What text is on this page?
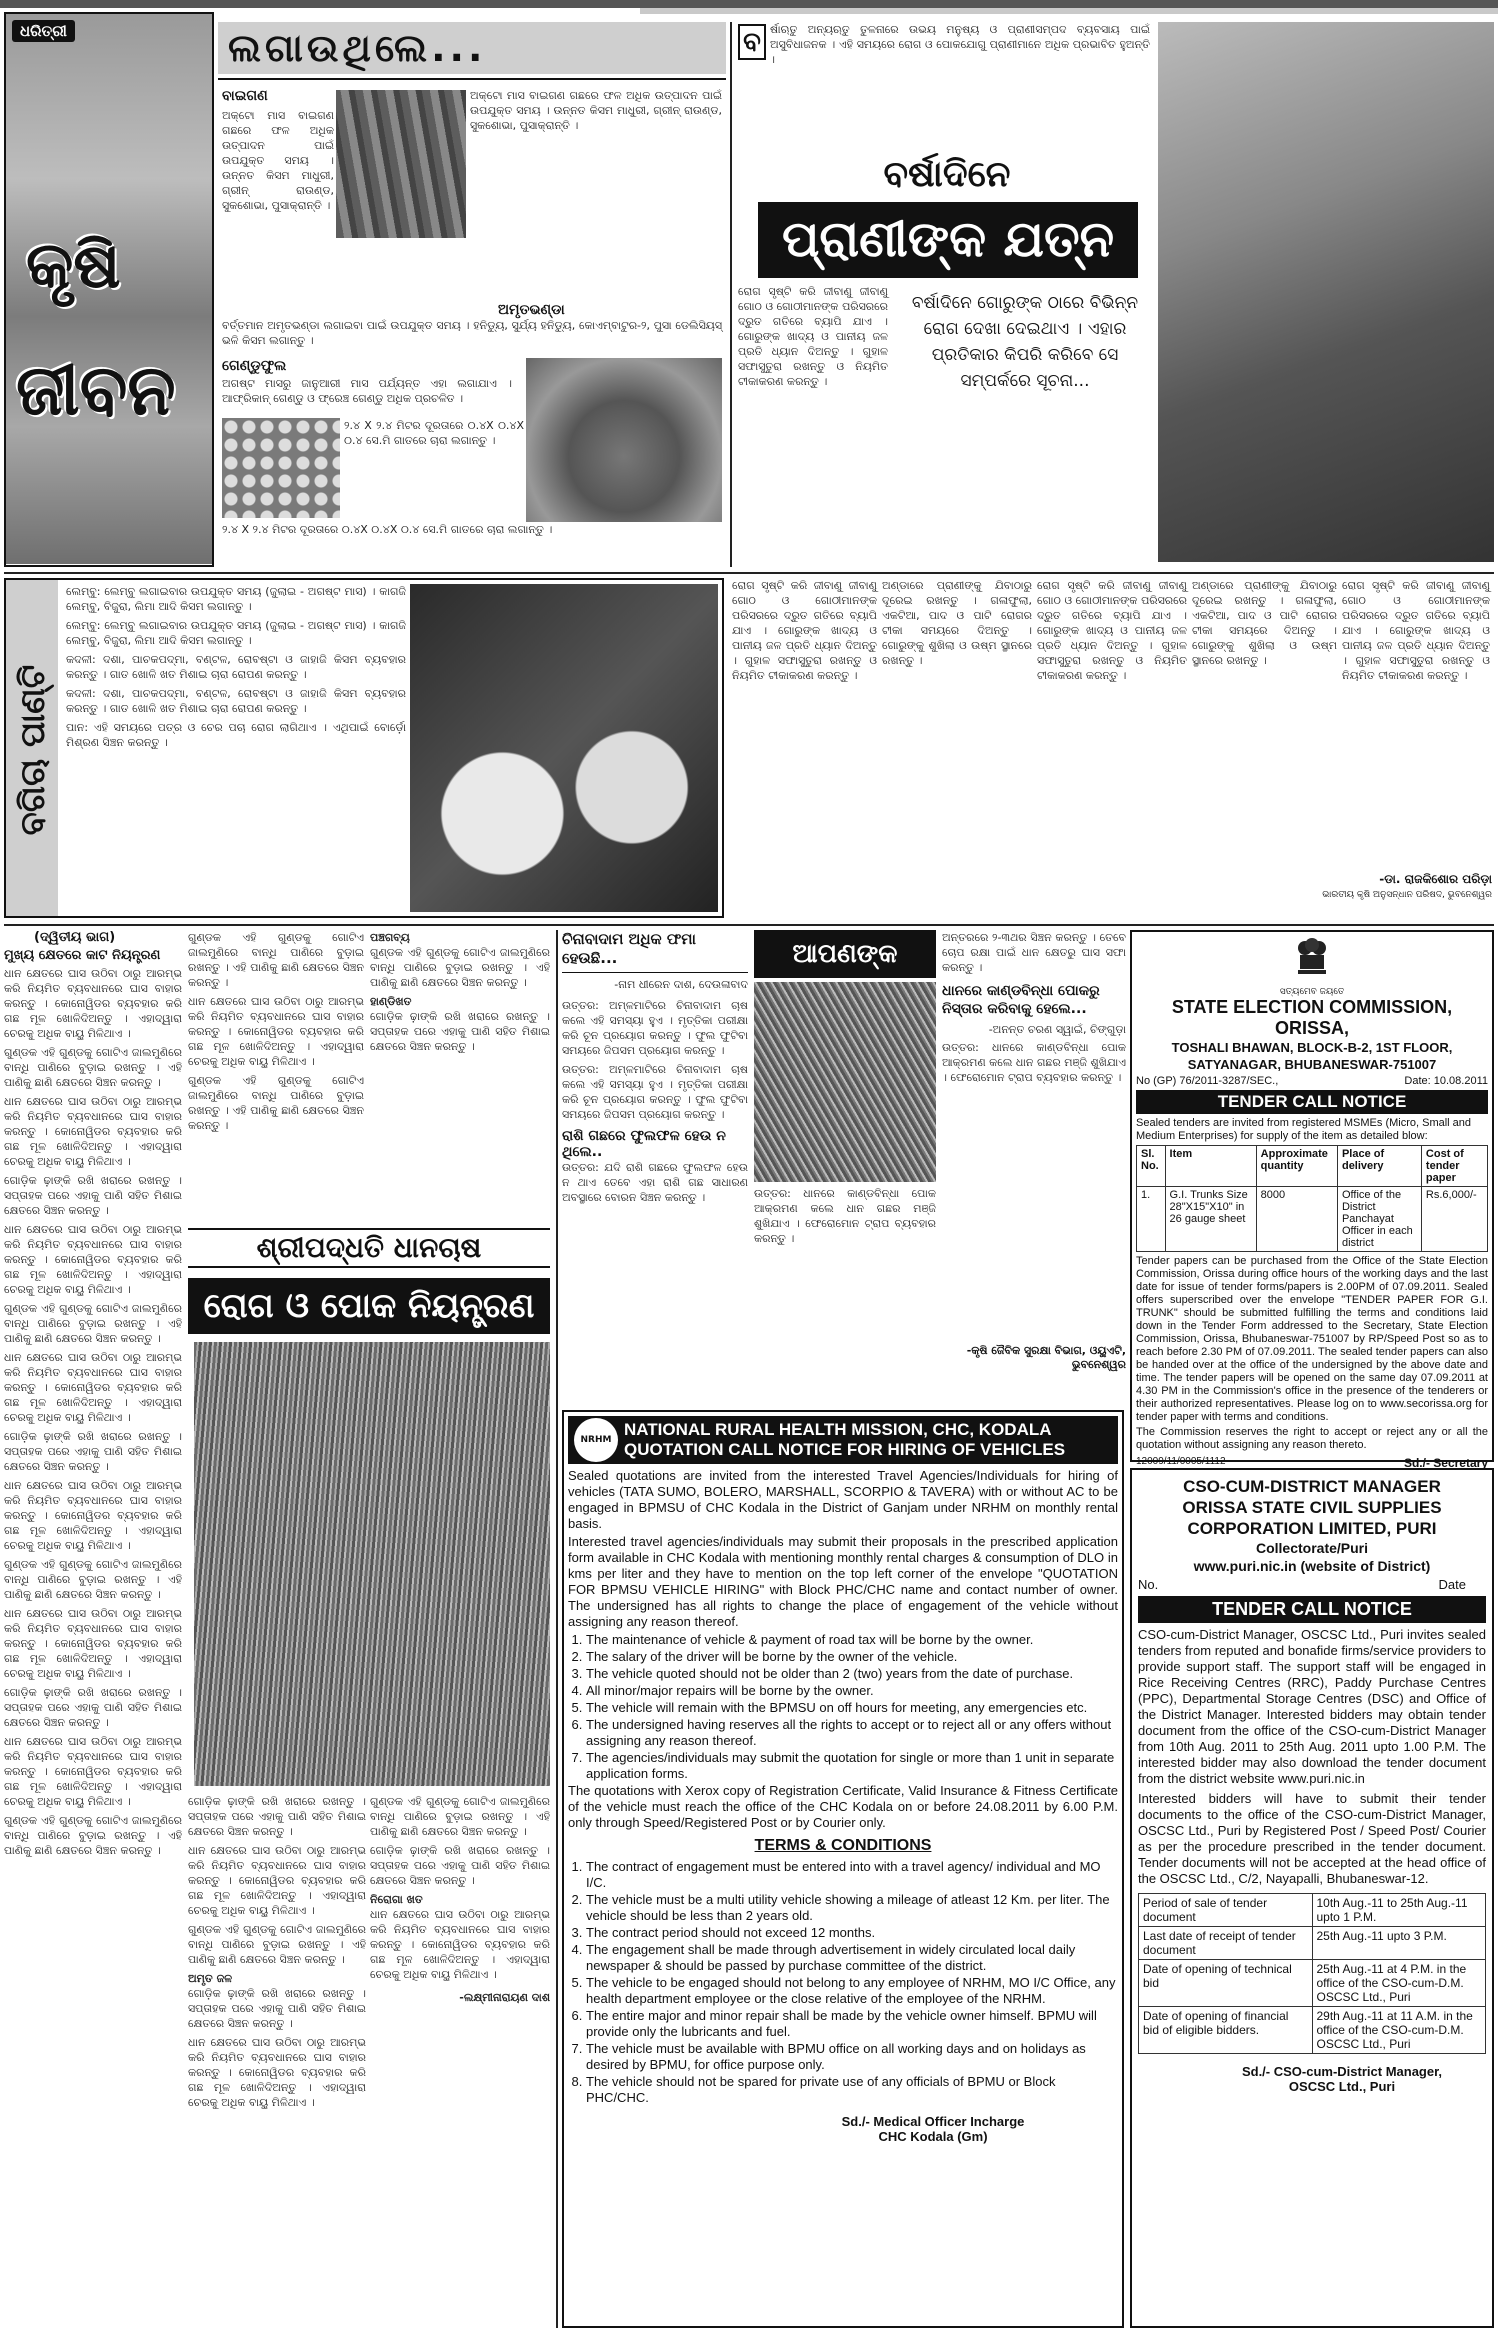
ଧରିତ୍ରୀ
କୃଷି
ଜୀବନ
ଲଗାଉଥିଲେ...
ବାଇଗଣ
ଅକ୍ଟୋ ମାସ ବାଇଗଣ ଗଛରେ ଫଳ ଅଧିକ ଉତ୍ପାଦନ ପାଇଁ ଉପଯୁକ୍ତ ସମୟ । ଉନ୍ନତ କିସମ ମାଧୁରୀ, ଗ୍ରୀନ୍ ରାଉଣ୍ଡ, ସୁକଶୋଭା, ପୁସାକ୍ରାନ୍ତି ।
ଅକ୍ଟୋ ମାସ ବାଇଗଣ ଗଛରେ ଫଳ ଅଧିକ ଉତ୍ପାଦନ ପାଇଁ ଉପଯୁକ୍ତ ସମୟ । ଉନ୍ନତ କିସମ ମାଧୁରୀ, ଗ୍ରୀନ୍ ରାଉଣ୍ଡ, ସୁକଶୋଭା, ପୁସାକ୍ରାନ୍ତି ।
ଅମୃତଭଣ୍ଡା
ବର୍ତ୍ତମାନ ଅମୃତଭଣ୍ଡା ଲଗାଇବା ପାଇଁ ଉପଯୁକ୍ତ ସମୟ । ହନିଡ୍ୟୁ, ସୁର୍ଯ୍ୟ ହନିଡ୍ୟୁ, କୋଏମ୍ବାଟୁର-୨, ପୁସା ଡେଲିସିୟସ୍ ଭଳି କିସମ ଲଗାନ୍ତୁ ।
ଗେଣ୍ଡୁଫୁଲ
ଅଗଷ୍ଟ ମାସରୁ ଜାନୁଆରୀ ମାସ ପର୍ଯ୍ୟନ୍ତ ଏହା ଲଗାଯାଏ । ଆଫ୍ରିକାନ୍ ଗେଣ୍ଡୁ ଓ ଫ୍ରେଞ୍ଚ ଗେଣ୍ଡୁ ଅଧିକ ପ୍ରଚଳିତ ।
୨.୪ X ୨.୪ ମିଟର ଦୂରତାରେ ୦.୪X ୦.୪X ୦.୪ ସେ.ମି ଗାତରେ ଚାରା ଲଗାନ୍ତୁ ।
୨.୪ X ୨.୪ ମିଟର ଦୂରତାରେ ୦.୪X ୦.୪X ୦.୪ ସେ.ମି ଗାତରେ ଚାରା ଲଗାନ୍ତୁ ।
ବ ର୍ଷାଋତୁ ଅନ୍ୟଋତୁ ତୁଳନାରେ ଉଭୟ ମନୁଷ୍ୟ ଓ ପ୍ରାଣୀସମ୍ପଦ ବ୍ୟବସାୟ ପାଇଁ ଅସୁବିଧାଜନକ । ଏହି ସମୟରେ ରୋଗ ଓ ପୋକଯୋଗୁ ପ୍ରାଣୀମାନେ ଅଧିକ ପ୍ରଭାବିତ ହୁଅନ୍ତି ।
ବର୍ଷାଦିନେ
ପ୍ରାଣୀଙ୍କ ଯତ୍ନ
ରୋଗ ସୃଷ୍ଟି କରି ଜୀବାଣୁ ଜୀବାଣୁ ଗୋଠ ଓ ଗୋଠୀମାନଙ୍କ ପରିସରରେ ଦ୍ରୁତ ଗତିରେ ବ୍ୟାପି ଯାଏ । ଗୋରୁଙ୍କ ଖାଦ୍ୟ ଓ ପାନୀୟ ଜଳ ପ୍ରତି ଧ୍ୟାନ ଦିଅନ୍ତୁ । ଗୁହାଳ ସଫାସୁତୁରା ରଖନ୍ତୁ ଓ ନିୟମିତ ଟୀକାକରଣ କରନ୍ତୁ ।
ବର୍ଷାଦିନେ ଗୋରୁଙ୍କ ଠାରେ ବିଭିନ୍ନ ରୋଗ ଦେଖା ଦେଇଥାଏ । ଏହାର ପ୍ରତିକାର କିପରି କରିବେ ସେ ସମ୍ପର୍କରେ ସୂଚନା...
ବଗିଚା ପାଣ୍ଟି
ଲେମ୍ବୁ: ଲେମ୍ବୁ ଲଗାଇବାର ଉପଯୁକ୍ତ ସମୟ (ଜୁଲାଇ - ଅଗଷ୍ଟ ମାସ) । କାଗଜି ଲେମ୍ବୁ, ବିଜୁରା, ଲିମା ଆଦି କିସମ ଲଗାନ୍ତୁ ।
ଲେମ୍ବୁ: ଲେମ୍ବୁ ଲଗାଇବାର ଉପଯୁକ୍ତ ସମୟ (ଜୁଲାଇ - ଅଗଷ୍ଟ ମାସ) । କାଗଜି ଲେମ୍ବୁ, ବିଜୁରା, ଲିମା ଆଦି କିସମ ଲଗାନ୍ତୁ ।
କଦଳୀ: ଦଶା, ପାଚକପଦ୍ମା, ବଣ୍ଟଳ, ରୋବଷ୍ଟା ଓ ଜାହାଜି କିସମ ବ୍ୟବହାର କରନ୍ତୁ । ଗାତ ଖୋଳି ଖତ ମିଶାଇ ଚାରା ରୋପଣ କରନ୍ତୁ ।
କଦଳୀ: ଦଶା, ପାଚକପଦ୍ମା, ବଣ୍ଟଳ, ରୋବଷ୍ଟା ଓ ଜାହାଜି କିସମ ବ୍ୟବହାର କରନ୍ତୁ । ଗାତ ଖୋଳି ଖତ ମିଶାଇ ଚାରା ରୋପଣ କରନ୍ତୁ ।
ପାନ: ଏହି ସମୟରେ ପତ୍ର ଓ ଚେର ପଚା ରୋଗ ଲାଗିଥାଏ । ଏଥିପାଇଁ ବୋର୍ଡ଼ୋ ମିଶ୍ରଣ ସିଞ୍ଚନ କରନ୍ତୁ ।
ରୋଗ ସୃଷ୍ଟି କରି ଜୀବାଣୁ ଜୀବାଣୁ ଗୋଠ ଓ ଗୋଠୀମାନଙ୍କ ପରିସରରେ ଦ୍ରୁତ ଗତିରେ ବ୍ୟାପି ଯାଏ । ଗୋରୁଙ୍କ ଖାଦ୍ୟ ଓ ପାନୀୟ ଜଳ ପ୍ରତି ଧ୍ୟାନ ଦିଅନ୍ତୁ । ଗୁହାଳ ସଫାସୁତୁରା ରଖନ୍ତୁ ଓ ନିୟମିତ ଟୀକାକରଣ କରନ୍ତୁ ।
ଅଣ୍ଡାରେ ପ୍ରାଣୀଙ୍କୁ ଯିବାଠାରୁ ଦୂରେଇ ରଖନ୍ତୁ । ଗଳାଫୁଲା, ଏକଟିଆ, ପାଦ ଓ ପାଟି ରୋଗର ଟୀକା ସମୟରେ ଦିଅନ୍ତୁ । ଗୋରୁଙ୍କୁ ଶୁଖିଲା ଓ ଉଷ୍ମ ସ୍ଥାନରେ ରଖନ୍ତୁ ।
ରୋଗ ସୃଷ୍ଟି କରି ଜୀବାଣୁ ଜୀବାଣୁ ଗୋଠ ଓ ଗୋଠୀମାନଙ୍କ ପରିସରରେ ଦ୍ରୁତ ଗତିରେ ବ୍ୟାପି ଯାଏ । ଗୋରୁଙ୍କ ଖାଦ୍ୟ ଓ ପାନୀୟ ଜଳ ପ୍ରତି ଧ୍ୟାନ ଦିଅନ୍ତୁ । ଗୁହାଳ ସଫାସୁତୁରା ରଖନ୍ତୁ ଓ ନିୟମିତ ଟୀକାକରଣ କରନ୍ତୁ ।
ଅଣ୍ଡାରେ ପ୍ରାଣୀଙ୍କୁ ଯିବାଠାରୁ ଦୂରେଇ ରଖନ୍ତୁ । ଗଳାଫୁଲା, ଏକଟିଆ, ପାଦ ଓ ପାଟି ରୋଗର ଟୀକା ସମୟରେ ଦିଅନ୍ତୁ । ଗୋରୁଙ୍କୁ ଶୁଖିଲା ଓ ଉଷ୍ମ ସ୍ଥାନରେ ରଖନ୍ତୁ ।
ରୋଗ ସୃଷ୍ଟି କରି ଜୀବାଣୁ ଜୀବାଣୁ ଗୋଠ ଓ ଗୋଠୀମାନଙ୍କ ପରିସରରେ ଦ୍ରୁତ ଗତିରେ ବ୍ୟାପି ଯାଏ । ଗୋରୁଙ୍କ ଖାଦ୍ୟ ଓ ପାନୀୟ ଜଳ ପ୍ରତି ଧ୍ୟାନ ଦିଅନ୍ତୁ । ଗୁହାଳ ସଫାସୁତୁରା ରଖନ୍ତୁ ଓ ନିୟମିତ ଟୀକାକରଣ କରନ୍ତୁ ।
-ଡା. ରାଜକିଶୋର ପରିଡ଼ା
ଭାରତୀୟ କୃଷି ଅନୁସନ୍ଧାନ ପରିଷଦ, ଭୁବନେଶ୍ୱର
(ଦ୍ୱିତୀୟ ଭାଗ)
ମୁଖ୍ୟ କ୍ଷେତରେ କାଟ ନିୟନ୍ତ୍ରଣ
ଧାନ କ୍ଷେତରେ ଘାସ ଉଠିବା ଠାରୁ ଆରମ୍ଭ କରି ନିୟମିତ ବ୍ୟବଧାନରେ ଘାସ ବାହାର କରନ୍ତୁ । କୋନୋୱିଡର ବ୍ୟବହାର କରି ଗଛ ମୂଳ ଖୋଳିଦିଅନ୍ତୁ । ଏହାଦ୍ୱାରା ଚେରକୁ ଅଧିକ ବାୟୁ ମିଳିଥାଏ ।
ଗୁଣ୍ଡକ ଏହି ଗୁଣ୍ଡକୁ ଗୋଟିଏ ଜାଲମୁଣିରେ ବାନ୍ଧି ପାଣିରେ ବୁଡ଼ାଇ ରଖନ୍ତୁ । ଏହି ପାଣିକୁ ଛାଣି କ୍ଷେତରେ ସିଞ୍ଚନ କରନ୍ତୁ ।
ଧାନ କ୍ଷେତରେ ଘାସ ଉଠିବା ଠାରୁ ଆରମ୍ଭ କରି ନିୟମିତ ବ୍ୟବଧାନରେ ଘାସ ବାହାର କରନ୍ତୁ । କୋନୋୱିଡର ବ୍ୟବହାର କରି ଗଛ ମୂଳ ଖୋଳିଦିଅନ୍ତୁ । ଏହାଦ୍ୱାରା ଚେରକୁ ଅଧିକ ବାୟୁ ମିଳିଥାଏ ।
ଗୋଡ଼ିକ ଢ଼ାଙ୍କି ରଖି ଖରାରେ ରଖନ୍ତୁ । ସପ୍ତାହକ ପରେ ଏହାକୁ ପାଣି ସହିତ ମିଶାଇ କ୍ଷେତରେ ସିଞ୍ଚନ କରନ୍ତୁ ।
ଧାନ କ୍ଷେତରେ ଘାସ ଉଠିବା ଠାରୁ ଆରମ୍ଭ କରି ନିୟମିତ ବ୍ୟବଧାନରେ ଘାସ ବାହାର କରନ୍ତୁ । କୋନୋୱିଡର ବ୍ୟବହାର କରି ଗଛ ମୂଳ ଖୋଳିଦିଅନ୍ତୁ । ଏହାଦ୍ୱାରା ଚେରକୁ ଅଧିକ ବାୟୁ ମିଳିଥାଏ ।
ଗୁଣ୍ଡକ ଏହି ଗୁଣ୍ଡକୁ ଗୋଟିଏ ଜାଲମୁଣିରେ ବାନ୍ଧି ପାଣିରେ ବୁଡ଼ାଇ ରଖନ୍ତୁ । ଏହି ପାଣିକୁ ଛାଣି କ୍ଷେତରେ ସିଞ୍ଚନ କରନ୍ତୁ ।
ଧାନ କ୍ଷେତରେ ଘାସ ଉଠିବା ଠାରୁ ଆରମ୍ଭ କରି ନିୟମିତ ବ୍ୟବଧାନରେ ଘାସ ବାହାର କରନ୍ତୁ । କୋନୋୱିଡର ବ୍ୟବହାର କରି ଗଛ ମୂଳ ଖୋଳିଦିଅନ୍ତୁ । ଏହାଦ୍ୱାରା ଚେରକୁ ଅଧିକ ବାୟୁ ମିଳିଥାଏ ।
ଗୋଡ଼ିକ ଢ଼ାଙ୍କି ରଖି ଖରାରେ ରଖନ୍ତୁ । ସପ୍ତାହକ ପରେ ଏହାକୁ ପାଣି ସହିତ ମିଶାଇ କ୍ଷେତରେ ସିଞ୍ଚନ କରନ୍ତୁ ।
ଧାନ କ୍ଷେତରେ ଘାସ ଉଠିବା ଠାରୁ ଆରମ୍ଭ କରି ନିୟମିତ ବ୍ୟବଧାନରେ ଘାସ ବାହାର କରନ୍ତୁ । କୋନୋୱିଡର ବ୍ୟବହାର କରି ଗଛ ମୂଳ ଖୋଳିଦିଅନ୍ତୁ । ଏହାଦ୍ୱାରା ଚେରକୁ ଅଧିକ ବାୟୁ ମିଳିଥାଏ ।
ଗୁଣ୍ଡକ ଏହି ଗୁଣ୍ଡକୁ ଗୋଟିଏ ଜାଲମୁଣିରେ ବାନ୍ଧି ପାଣିରେ ବୁଡ଼ାଇ ରଖନ୍ତୁ । ଏହି ପାଣିକୁ ଛାଣି କ୍ଷେତରେ ସିଞ୍ଚନ କରନ୍ତୁ ।
ଧାନ କ୍ଷେତରେ ଘାସ ଉଠିବା ଠାରୁ ଆରମ୍ଭ କରି ନିୟମିତ ବ୍ୟବଧାନରେ ଘାସ ବାହାର କରନ୍ତୁ । କୋନୋୱିଡର ବ୍ୟବହାର କରି ଗଛ ମୂଳ ଖୋଳିଦିଅନ୍ତୁ । ଏହାଦ୍ୱାରା ଚେରକୁ ଅଧିକ ବାୟୁ ମିଳିଥାଏ ।
ଗୋଡ଼ିକ ଢ଼ାଙ୍କି ରଖି ଖରାରେ ରଖନ୍ତୁ । ସପ୍ତାହକ ପରେ ଏହାକୁ ପାଣି ସହିତ ମିଶାଇ କ୍ଷେତରେ ସିଞ୍ଚନ କରନ୍ତୁ ।
ଧାନ କ୍ଷେତରେ ଘାସ ଉଠିବା ଠାରୁ ଆରମ୍ଭ କରି ନିୟମିତ ବ୍ୟବଧାନରେ ଘାସ ବାହାର କରନ୍ତୁ । କୋନୋୱିଡର ବ୍ୟବହାର କରି ଗଛ ମୂଳ ଖୋଳିଦିଅନ୍ତୁ । ଏହାଦ୍ୱାରା ଚେରକୁ ଅଧିକ ବାୟୁ ମିଳିଥାଏ ।
ଗୁଣ୍ଡକ ଏହି ଗୁଣ୍ଡକୁ ଗୋଟିଏ ଜାଲମୁଣିରେ ବାନ୍ଧି ପାଣିରେ ବୁଡ଼ାଇ ରଖନ୍ତୁ । ଏହି ପାଣିକୁ ଛାଣି କ୍ଷେତରେ ସିଞ୍ଚନ କରନ୍ତୁ ।
ଗୁଣ୍ଡକ ଏହି ଗୁଣ୍ଡକୁ ଗୋଟିଏ ଜାଲମୁଣିରେ ବାନ୍ଧି ପାଣିରେ ବୁଡ଼ାଇ ରଖନ୍ତୁ । ଏହି ପାଣିକୁ ଛାଣି କ୍ଷେତରେ ସିଞ୍ଚନ କରନ୍ତୁ ।
ଧାନ କ୍ଷେତରେ ଘାସ ଉଠିବା ଠାରୁ ଆରମ୍ଭ କରି ନିୟମିତ ବ୍ୟବଧାନରେ ଘାସ ବାହାର କରନ୍ତୁ । କୋନୋୱିଡର ବ୍ୟବହାର କରି ଗଛ ମୂଳ ଖୋଳିଦିଅନ୍ତୁ । ଏହାଦ୍ୱାରା ଚେରକୁ ଅଧିକ ବାୟୁ ମିଳିଥାଏ ।
ଗୁଣ୍ଡକ ଏହି ଗୁଣ୍ଡକୁ ଗୋଟିଏ ଜାଲମୁଣିରେ ବାନ୍ଧି ପାଣିରେ ବୁଡ଼ାଇ ରଖନ୍ତୁ । ଏହି ପାଣିକୁ ଛାଣି କ୍ଷେତରେ ସିଞ୍ଚନ କରନ୍ତୁ ।
ପଞ୍ଚଗବ୍ୟ
ଗୁଣ୍ଡକ ଏହି ଗୁଣ୍ଡକୁ ଗୋଟିଏ ଜାଲମୁଣିରେ ବାନ୍ଧି ପାଣିରେ ବୁଡ଼ାଇ ରଖନ୍ତୁ । ଏହି ପାଣିକୁ ଛାଣି କ୍ଷେତରେ ସିଞ୍ଚନ କରନ୍ତୁ ।
ହାଣ୍ଡିଖତ
ଗୋଡ଼ିକ ଢ଼ାଙ୍କି ରଖି ଖରାରେ ରଖନ୍ତୁ । ସପ୍ତାହକ ପରେ ଏହାକୁ ପାଣି ସହିତ ମିଶାଇ କ୍ଷେତରେ ସିଞ୍ଚନ କରନ୍ତୁ ।
ଶ୍ରୀପଦ୍ଧତି ଧାନଚାଷ
ରୋଗ ଓ ପୋକ ନିୟନ୍ତ୍ରଣ
ଗୋଡ଼ିକ ଢ଼ାଙ୍କି ରଖି ଖରାରେ ରଖନ୍ତୁ । ସପ୍ତାହକ ପରେ ଏହାକୁ ପାଣି ସହିତ ମିଶାଇ କ୍ଷେତରେ ସିଞ୍ଚନ କରନ୍ତୁ ।
ଧାନ କ୍ଷେତରେ ଘାସ ଉଠିବା ଠାରୁ ଆରମ୍ଭ କରି ନିୟମିତ ବ୍ୟବଧାନରେ ଘାସ ବାହାର କରନ୍ତୁ । କୋନୋୱିଡର ବ୍ୟବହାର କରି ଗଛ ମୂଳ ଖୋଳିଦିଅନ୍ତୁ । ଏହାଦ୍ୱାରା ଚେରକୁ ଅଧିକ ବାୟୁ ମିଳିଥାଏ ।
ଗୁଣ୍ଡକ ଏହି ଗୁଣ୍ଡକୁ ଗୋଟିଏ ଜାଲମୁଣିରେ ବାନ୍ଧି ପାଣିରେ ବୁଡ଼ାଇ ରଖନ୍ତୁ । ଏହି ପାଣିକୁ ଛାଣି କ୍ଷେତରେ ସିଞ୍ଚନ କରନ୍ତୁ ।
ଅମୃତ ଜଳ
ଗୋଡ଼ିକ ଢ଼ାଙ୍କି ରଖି ଖରାରେ ରଖନ୍ତୁ । ସପ୍ତାହକ ପରେ ଏହାକୁ ପାଣି ସହିତ ମିଶାଇ କ୍ଷେତରେ ସିଞ୍ଚନ କରନ୍ତୁ ।
ଧାନ କ୍ଷେତରେ ଘାସ ଉଠିବା ଠାରୁ ଆରମ୍ଭ କରି ନିୟମିତ ବ୍ୟବଧାନରେ ଘାସ ବାହାର କରନ୍ତୁ । କୋନୋୱିଡର ବ୍ୟବହାର କରି ଗଛ ମୂଳ ଖୋଳିଦିଅନ୍ତୁ । ଏହାଦ୍ୱାରା ଚେରକୁ ଅଧିକ ବାୟୁ ମିଳିଥାଏ ।
ଗୁଣ୍ଡକ ଏହି ଗୁଣ୍ଡକୁ ଗୋଟିଏ ଜାଲମୁଣିରେ ବାନ୍ଧି ପାଣିରେ ବୁଡ଼ାଇ ରଖନ୍ତୁ । ଏହି ପାଣିକୁ ଛାଣି କ୍ଷେତରେ ସିଞ୍ଚନ କରନ୍ତୁ ।
ଗୋଡ଼ିକ ଢ଼ାଙ୍କି ରଖି ଖରାରେ ରଖନ୍ତୁ । ସପ୍ତାହକ ପରେ ଏହାକୁ ପାଣି ସହିତ ମିଶାଇ କ୍ଷେତରେ ସିଞ୍ଚନ କରନ୍ତୁ ।
ନିରୋଗା ଖତ
ଧାନ କ୍ଷେତରେ ଘାସ ଉଠିବା ଠାରୁ ଆରମ୍ଭ କରି ନିୟମିତ ବ୍ୟବଧାନରେ ଘାସ ବାହାର କରନ୍ତୁ । କୋନୋୱିଡର ବ୍ୟବହାର କରି ଗଛ ମୂଳ ଖୋଳିଦିଅନ୍ତୁ । ଏହାଦ୍ୱାରା ଚେରକୁ ଅଧିକ ବାୟୁ ମିଳିଥାଏ ।
-ଲକ୍ଷ୍ମୀନାରାୟଣ ଦାଶ
ଚିନାବାଦାମ ଅଧିକ ଫମା ହେଉଛି...
-ନାମ ଧୀରେନ ଦାଶ, ଦେଉଳାବାଦ
ଉତ୍ତର: ଅମ୍ଳମାଟିରେ ଚିନାବାଦାମ ଚାଷ କଲେ ଏହି ସମସ୍ୟା ହୁଏ । ମୃତ୍ତିକା ପରୀକ୍ଷା କରି ଚୂନ ପ୍ରୟୋଗ କରନ୍ତୁ । ଫୁଲ ଫୁଟିବା ସମୟରେ ଜିପସମ ପ୍ରୟୋଗ କରନ୍ତୁ ।
ଉତ୍ତର: ଅମ୍ଳମାଟିରେ ଚିନାବାଦାମ ଚାଷ କଲେ ଏହି ସମସ୍ୟା ହୁଏ । ମୃତ୍ତିକା ପରୀକ୍ଷା କରି ଚୂନ ପ୍ରୟୋଗ କରନ୍ତୁ । ଫୁଲ ଫୁଟିବା ସମୟରେ ଜିପସମ ପ୍ରୟୋଗ କରନ୍ତୁ ।
ରାଶି ଗଛରେ ଫୁଲଫଳ ହେଉ ନ ଥିଲେ..
ଉତ୍ତର: ଯଦି ରାଶି ଗଛରେ ଫୁଲଫଳ ହେଉ ନ ଥାଏ ତେବେ ଏହା ରାଶି ଗଛ ସାଧାରଣ ଅବସ୍ଥାରେ ବୋରନ ସିଞ୍ଚନ କରନ୍ତୁ ।
ଆପଣଙ୍କ
ଉତ୍ତର: ଧାନରେ କାଣ୍ଡବିନ୍ଧା ପୋକ ଆକ୍ରମଣ କଲେ ଧାନ ଗଛର ମଞ୍ଜି ଶୁଖିଯାଏ । ଫେରୋମୋନ ଟ୍ରାପ ବ୍ୟବହାର କରନ୍ତୁ ।
ଅନ୍ତରରେ ୨-୩ଥର ସିଞ୍ଚନ କରନ୍ତୁ । ତେବେ ଚୋପ ରକ୍ଷା ପାଇଁ ଧାନ କ୍ଷେତରୁ ଘାସ ସଫା କରନ୍ତୁ ।
ଧାନରେ କାଣ୍ଡବିନ୍ଧା ପୋକରୁ ନିସ୍ତାର କରିବାକୁ ହେଲେ...
-ଅନନ୍ତ ଚରଣ ସ୍ୱାଇଁ, ଚିଙ୍ଗୁଡ଼ା
ଉତ୍ତର: ଧାନରେ କାଣ୍ଡବିନ୍ଧା ପୋକ ଆକ୍ରମଣ କଲେ ଧାନ ଗଛର ମଞ୍ଜି ଶୁଖିଯାଏ । ଫେରୋମୋନ ଟ୍ରାପ ବ୍ୟବହାର କରନ୍ତୁ ।
-କୃଷି ଜୈବିକ ସୁରକ୍ଷା ବିଭାଗ, ଓୟୁଏଟି, ଭୁବନେଶ୍ୱର
NRHM
NATIONAL RURAL HEALTH MISSION, CHC, KODALA
QUOTATION CALL NOTICE FOR HIRING OF VEHICLES
Sealed quotations are invited from the interested Travel Agencies/Individuals for hiring of vehicles (TATA SUMO, BOLERO, MARSHALL, SCORPIO & TAVERA) with or without AC to be engaged in BPMSU of CHC Kodala in the District of Ganjam under NRHM on monthly rental basis.
Interested travel agencies/individuals may submit their proposals in the prescribed application form available in CHC Kodala with mentioning monthly rental charges & consumption of DLO in kms per liter and they have to mention on the top left corner of the envelope "QUOTATION FOR BPMSU VEHICLE HIRING" with Block PHC/CHC name and contact number of owner. The undersigned has all rights to change the place of engagement of the vehicle without assigning any reason thereof.
1. The maintenance of vehicle & payment of road tax will be borne by the owner.
2. The salary of the driver will be borne by the owner of the vehicle.
3. The vehicle quoted should not be older than 2 (two) years from the date of purchase.
4. All minor/major repairs will be borne by the owner.
5. The vehicle will remain with the BPMSU on off hours for meeting, any emergencies etc.
6. The undersigned having reserves all the rights to accept or to reject all or any offers without assigning any reason thereof.
7. The agencies/individuals may submit the quotation for single or more than 1 unit in separate application forms.
The quotations with Xerox copy of Registration Certificate, Valid Insurance & Fitness Certificate of the vehicle must reach the office of the CHC Kodala on or before 24.08.2011 by 6.00 P.M. only through Speed/Registered Post or by Courier only.
TERMS & CONDITIONS
1. The contract of engagement must be entered into with a travel agency/ individual and MO I/C.
2. The vehicle must be a multi utility vehicle showing a mileage of atleast 12 Km. per liter. The vehicle should be less than 2 years old.
3. The contract period should not exceed 12 months.
4. The engagement shall be made through advertisement in widely circulated local daily newspaper & should be passed by purchase committee of the district.
5. The vehicle to be engaged should not belong to any employee of NRHM, MO I/C Office, any health department employee or the close relative of the employee of the NRHM.
6. The entire major and minor repair shall be made by the vehicle owner himself. BPMU will provide only the lubricants and fuel.
7. The vehicle must be available with BPMU office on all working days and on holidays as desired by BPMU, for office purpose only.
8. The vehicle should not be spared for private use of any officials of BPMU or Block PHC/CHC.
Sd./- Medical Officer Incharge
CHC Kodala (Gm)
ସତ୍ୟମେବ ଜୟତେ
STATE ELECTION COMMISSION, ORISSA,
TOSHALI BHAWAN, BLOCK-B-2, 1ST FLOOR,
SATYANAGAR, BHUBANESWAR-751007
No (GP) 76/2011-3287/SEC.,	Date: 10.08.2011
TENDER CALL NOTICE
Sealed tenders are invited from registered MSMEs (Micro, Small and Medium Enterprises) for supply of the item as detailed blow:
Sl. No.	Item	Approximate quantity	Place of delivery	Cost of tender paper
1.	G.I. Trunks Size 28"X15"X10" in 26 gauge sheet	8000	Office of the District Panchayat Officer in each district	Rs.6,000/-
Tender papers can be purchased from the Office of the State Election Commission, Orissa during office hours of the working days and the last date for issue of tender forms/papers is 2.00PM of 07.09.2011. Sealed offers superscribed over the envelope "TENDER PAPER FOR G.I. TRUNK" should be submitted fulfilling the terms and conditions laid down in the Tender Form addressed to the Secretary, State Election Commission, Orissa, Bhubaneswar-751007 by RP/Speed Post so as to reach before 2.30 PM of 07.09.2011. The sealed tender papers can also be handed over at the office of the undersigned by the above date and time. The tender papers will be opened on the same day 07.09.2011 at 4.30 PM in the Commission's office in the presence of the tenderers or their authorized representatives. Please log on to www.secorissa.org for tender paper with terms and conditions.
The Commission reserves the right to accept or reject any or all the quotation without assigning any reason thereto.
12009/11/0005/1112	Sd./- Secretary
CSO-CUM-DISTRICT MANAGER
ORISSA STATE CIVIL SUPPLIES
CORPORATION LIMITED, PURI
Collectorate/Puri
www.puri.nic.in (website of District)
No.	Date
TENDER CALL NOTICE
CSO-cum-District Manager, OSCSC Ltd., Puri invites sealed tenders from reputed and bonafide firms/service providers to provide support staff. The support staff will be engaged in Rice Receiving Centres (RRC), Paddy Purchase Centres (PPC), Departmental Storage Centres (DSC) and Office of the District Manager. Interested bidders may obtain tender document from the office of the CSO-cum-District Manager from 10th Aug. 2011 to 25th Aug. 2011 upto 1.00 P.M. The interested bidder may also download the tender document from the district website www.puri.nic.in
Interested bidders will have to submit their tender documents to the office of the CSO-cum-District Manager, OSCSC Ltd., Puri by Registered Post / Speed Post/ Courier as per the procedure prescribed in the tender document. Tender documents will not be accepted at the head office of the OSCSC Ltd., C/2, Nayapalli, Bhubaneswar-12.
Period of sale of tender document	10th Aug.-11 to 25th Aug.-11 upto 1 P.M.
Last date of receipt of tender document	25th Aug.-11 upto 3 P.M.
Date of opening of technical bid	25th Aug.-11 at 4 P.M. in the office of the CSO-cum-D.M. OSCSC Ltd., Puri
Date of opening of financial bid of eligible bidders.	29th Aug.-11 at 11 A.M. in the office of the CSO-cum-D.M. OSCSC Ltd., Puri
Sd./- CSO-cum-District Manager,
OSCSC Ltd., Puri
